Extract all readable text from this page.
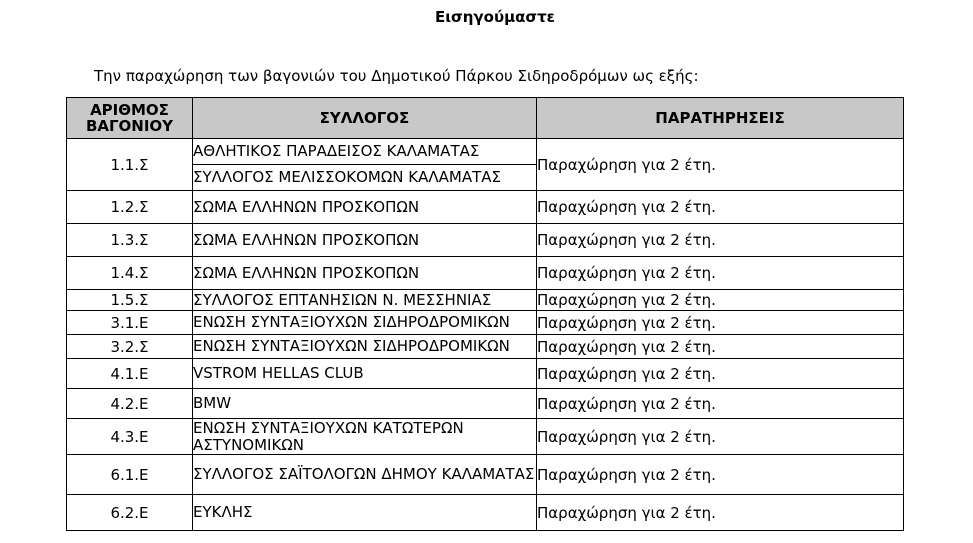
Εισηγούμαστε
Την παραχώρηση των βαγονιών του Δημοτικού Πάρκου Σιδηροδρόμων ως εξής:
ΑΡΙΘΜΟΣ ΒΑΓΟΝΙΟΥ	ΣΥΛΛΟΓΟΣ	ΠΑΡΑΤΗΡΗΣΕΙΣ
1.1.Σ	ΑΘΛΗΤΙΚΟΣ ΠΑΡΑΔΕΙΣΟΣ ΚΑΛΑΜΑΤΑΣ	Παραχώρηση για 2 έτη.
	ΣΥΛΛΟΓΟΣ ΜΕΛΙΣΣΟΚΟΜΩΝ ΚΑΛΑΜΑΤΑΣ	
1.2.Σ	ΣΩΜΑ ΕΛΛΗΝΩΝ ΠΡΟΣΚΟΠΩΝ	Παραχώρηση για 2 έτη.
1.3.Σ	ΣΩΜΑ ΕΛΛΗΝΩΝ ΠΡΟΣΚΟΠΩΝ	Παραχώρηση για 2 έτη.
1.4.Σ	ΣΩΜΑ ΕΛΛΗΝΩΝ ΠΡΟΣΚΟΠΩΝ	Παραχώρηση για 2 έτη.
1.5.Σ	ΣΥΛΛΟΓΟΣ ΕΠΤΑΝΗΣΙΩΝ Ν. ΜΕΣΣΗΝΙΑΣ	Παραχώρηση για 2 έτη.
3.1.Ε	ΕΝΩΣΗ ΣΥΝΤΑΞΙΟΥΧΩΝ ΣΙΔΗΡΟΔΡΟΜΙΚΩΝ	Παραχώρηση για 2 έτη.
3.2.Σ	ΕΝΩΣΗ ΣΥΝΤΑΞΙΟΥΧΩΝ ΣΙΔΗΡΟΔΡΟΜΙΚΩΝ	Παραχώρηση για 2 έτη.
4.1.Ε	VSTROM HELLAS CLUB	Παραχώρηση για 2 έτη.
4.2.Ε	BMW	Παραχώρηση για 2 έτη.
4.3.Ε	ΕΝΩΣΗ ΣΥΝΤΑΞΙΟΥΧΩΝ ΚΑΤΩΤΕΡΩΝ ΑΣΤΥΝΟΜΙΚΩΝ	Παραχώρηση για 2 έτη.
6.1.Ε	ΣΥΛΛΟΓΟΣ ΣΑΪΤΟΛΟΓΩΝ ΔΗΜΟΥ ΚΑΛΑΜΑΤΑΣ	Παραχώρηση για 2 έτη.
6.2.Ε	ΕΥΚΛΗΣ	Παραχώρηση για 2 έτη.
